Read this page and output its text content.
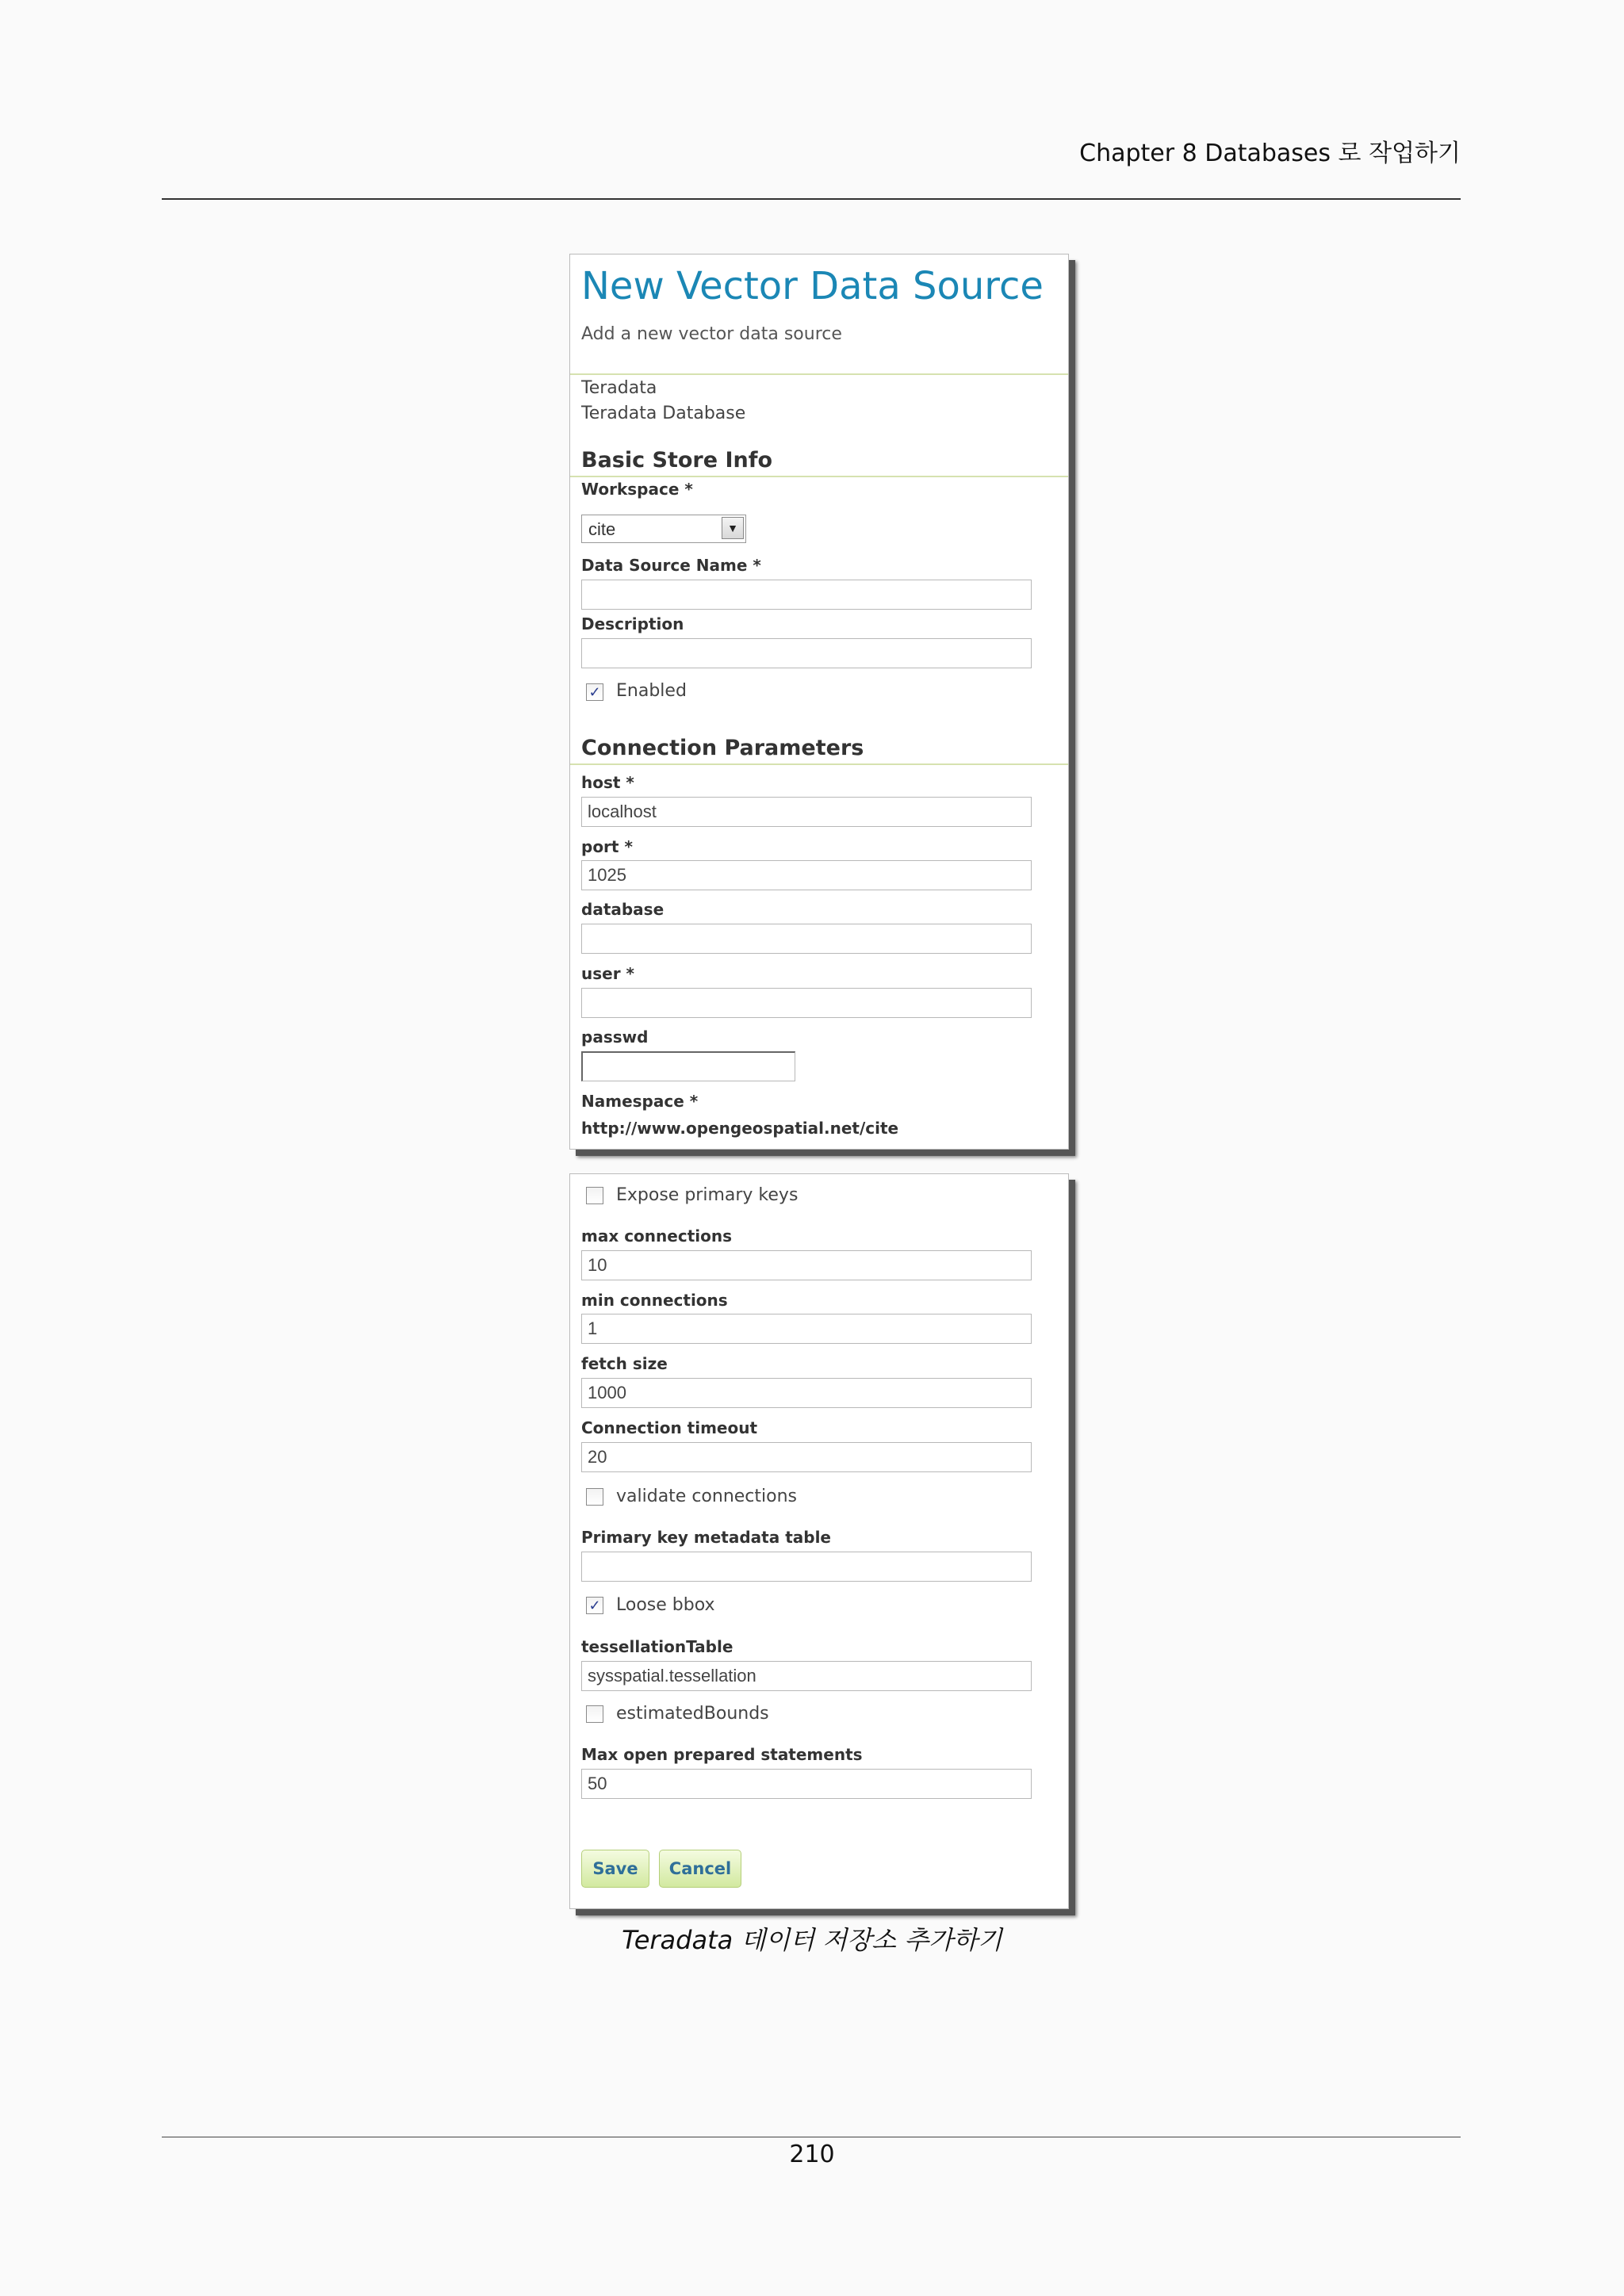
Chapter 8 Databases 로 작업하기
New Vector Data Source
Add a new vector data source
Teradata
Teradata Database
Basic Store Info
Workspace *
cite	▼
Data Source Name *
Description
✓ Enabled
Connection Parameters
host *
localhost
port *
1025
database
user *
passwd
Namespace *
http://www.opengeospatial.net/cite
Expose primary keys
max connections
10
min connections
1
fetch size
1000
Connection timeout
20
validate connections
Primary key metadata table
✓ Loose bbox
tessellationTable
sysspatial.tessellation
estimatedBounds
Max open prepared statements
50
Save	Cancel
Teradata 데이터 저장소 추가하기
210
